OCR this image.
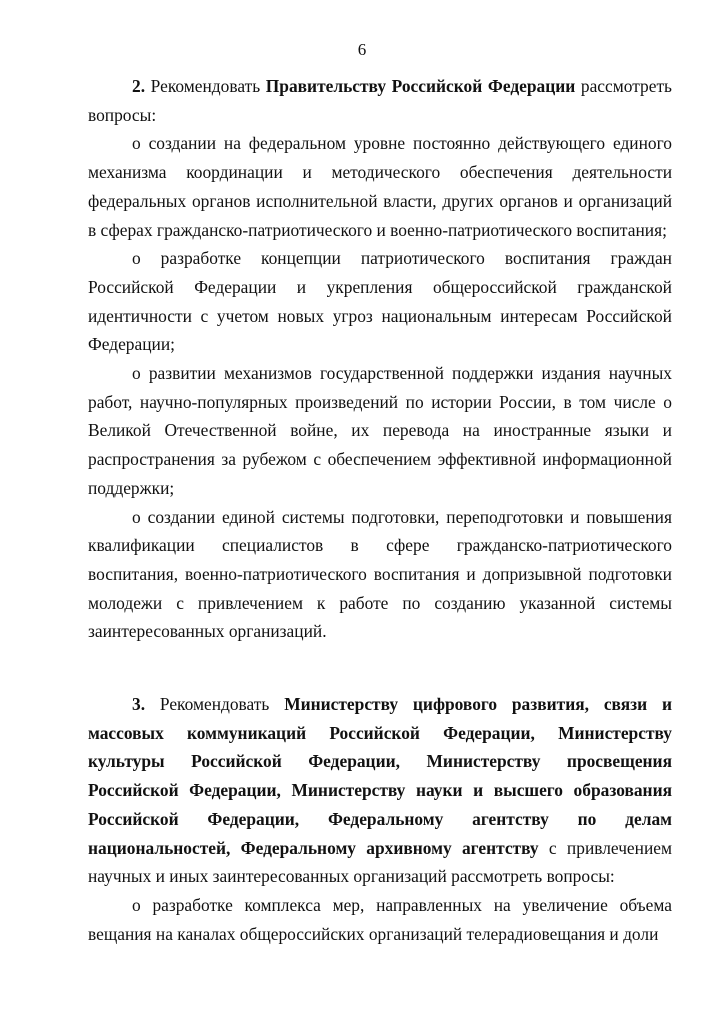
6

2. Рекомендовать Правительству Российской Федерации рассмотреть вопросы:

о создании на федеральном уровне постоянно действующего единого механизма координации и методического обеспечения деятельности федеральных органов исполнительной власти, других органов и организаций в сферах гражданско-патриотического и военно-патриотического воспитания;

о разработке концепции патриотического воспитания граждан Российской Федерации и укрепления общероссийской гражданской идентичности с учетом новых угроз национальным интересам Российской Федерации;

о развитии механизмов государственной поддержки издания научных работ, научно-популярных произведений по истории России, в том числе о Великой Отечественной войне, их перевода на иностранные языки и распространения за рубежом с обеспечением эффективной информационной поддержки;

о создании единой системы подготовки, переподготовки и повышения квалификации специалистов в сфере гражданско-патриотического воспитания, военно-патриотического воспитания и допризывной подготовки молодежи с привлечением к работе по созданию указанной системы заинтересованных организаций.

3. Рекомендовать Министерству цифрового развития, связи и массовых коммуникаций Российской Федерации, Министерству культуры Российской Федерации, Министерству просвещения Российской Федерации, Министерству науки и высшего образования Российской Федерации, Федеральному агентству по делам национальностей, Федеральному архивному агентству с привлечением научных и иных заинтересованных организаций рассмотреть вопросы:

о разработке комплекса мер, направленных на увеличение объема вещания на каналах общероссийских организаций телерадиовещания и доли
